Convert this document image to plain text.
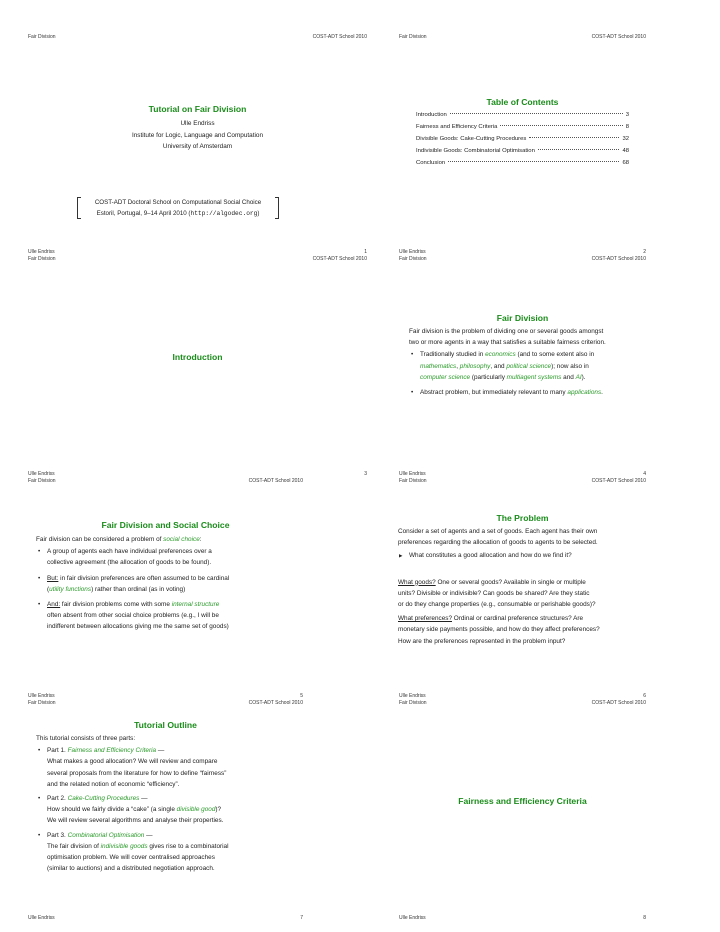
Fair Division	COST-ADT School 2010
Tutorial on Fair Division
Ulle Endriss
Institute for Logic, Language and Computation
University of Amsterdam
COST-ADT Doctoral School on Computational Social Choice
Estoril, Portugal, 9–14 April 2010 (http://algodec.org)
Ulle Endriss	1
Fair Division	COST-ADT School 2010
Table of Contents
Introduction	3
Fairness and Efficiency Criteria	8
Divisible Goods: Cake-Cutting Procedures	32
Indivisible Goods: Combinatorial Optimisation	48
Conclusion	68
Ulle Endriss	2
Fair Division	COST-ADT School 2010
Introduction
Ulle Endriss	3
Fair Division	COST-ADT School 2010
Fair Division
Fair division is the problem of dividing one or several goods amongst
two or more agents in a way that satisfies a suitable fairness criterion.
• Traditionally studied in economics (and to some extent also in
mathematics, philosophy, and political science); now also in
computer science (particularly multiagent systems and AI).
• Abstract problem, but immediately relevant to many applications.
Ulle Endriss	4
Fair Division	COST-ADT School 2010
Fair Division and Social Choice
Fair division can be considered a problem of social choice:
• A group of agents each have individual preferences over a
collective agreement (the allocation of goods to be found).
• But: in fair division preferences are often assumed to be cardinal
(utility functions) rather than ordinal (as in voting)
• And: fair division problems come with some internal structure
often absent from other social choice problems (e.g., I will be
indifferent between allocations giving me the same set of goods)
Ulle Endriss	5
Fair Division	COST-ADT School 2010
The Problem
Consider a set of agents and a set of goods. Each agent has their own
preferences regarding the allocation of goods to agents to be selected.
▶ What constitutes a good allocation and how do we find it?
What goods? One or several goods? Available in single or multiple
units? Divisible or indivisible? Can goods be shared? Are they static
or do they change properties (e.g., consumable or perishable goods)?
What preferences? Ordinal or cardinal preference structures? Are
monetary side payments possible, and how do they affect preferences?
How are the preferences represented in the problem input?
Ulle Endriss	6
Fair Division	COST-ADT School 2010
Tutorial Outline
This tutorial consists of three parts:
• Part 1. Fairness and Efficiency Criteria —
What makes a good allocation? We will review and compare
several proposals from the literature for how to define “fairness”
and the related notion of economic “efficiency”.
• Part 2. Cake-Cutting Procedures —
How should we fairly divide a “cake” (a single divisible good)?
We will review several algorithms and analyse their properties.
• Part 3. Combinatorial Optimisation —
The fair division of indivisible goods gives rise to a combinatorial
optimisation problem. We will cover centralised approaches
(similar to auctions) and a distributed negotiation approach.
Ulle Endriss	7
Fair Division	COST-ADT School 2010
Fairness and Efficiency Criteria
Ulle Endriss	8
